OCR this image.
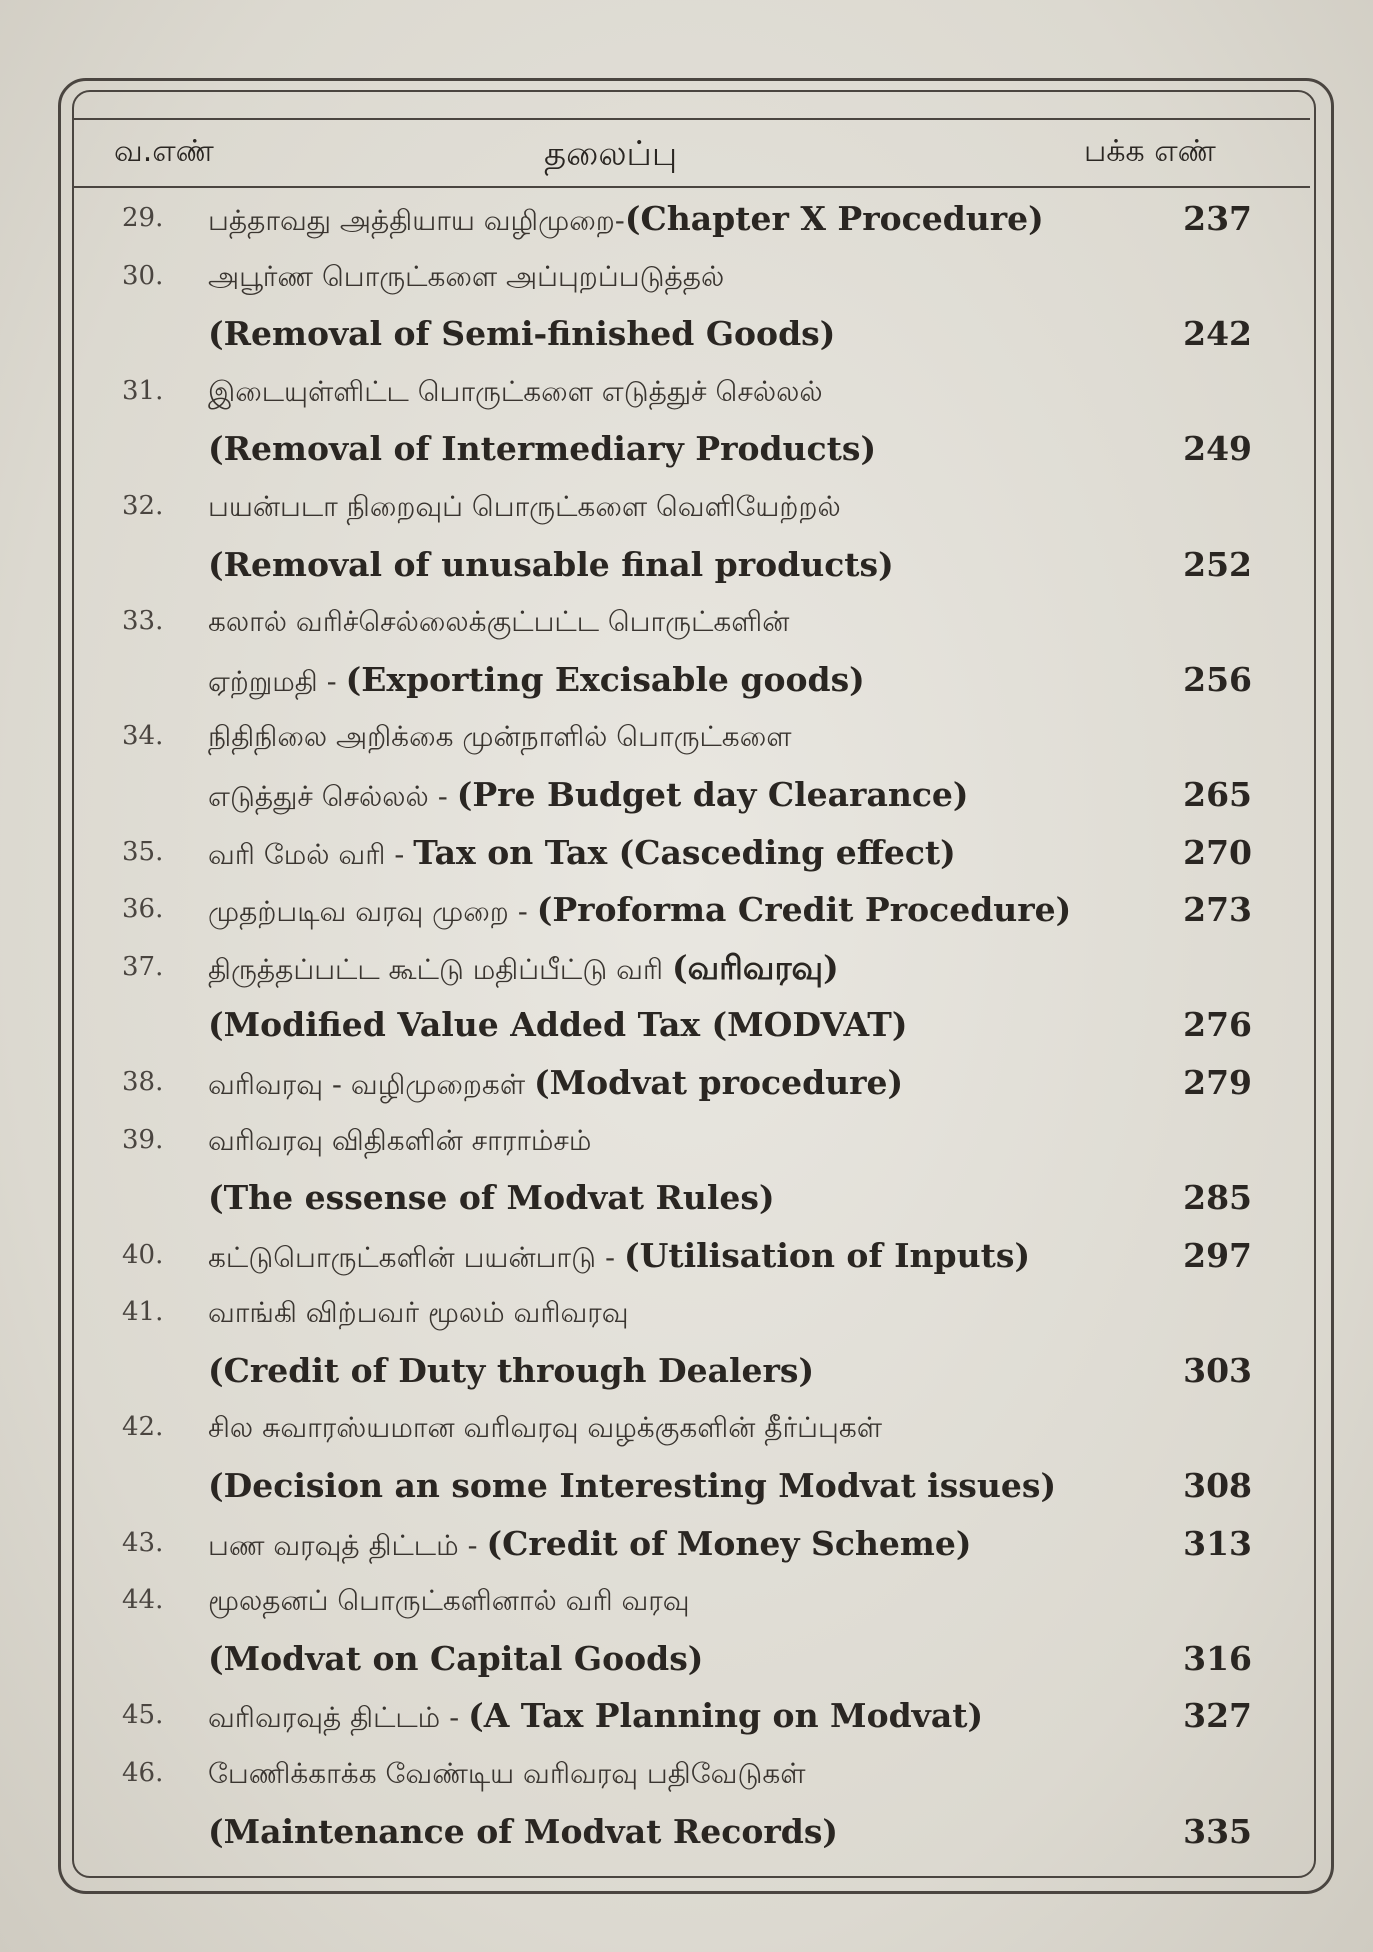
வ.எண்	தலைப்பு	பக்க எண்
29. பத்தாவது அத்தியாய வழிமுறை-(Chapter X Procedure)	237
30. அபூர்ண பொருட்களை அப்புறப்படுத்தல்
(Removal of Semi-finished Goods)	242
31. இடையுள்ளிட்ட பொருட்களை எடுத்துச் செல்லல்
(Removal of Intermediary Products)	249
32. பயன்படா நிறைவுப் பொருட்களை வெளியேற்றல்
(Removal of unusable final products)	252
33. கலால் வரிச்செல்லைக்குட்பட்ட பொருட்களின்
ஏற்றுமதி - (Exporting Excisable goods)	256
34. நிதிநிலை அறிக்கை முன்நாளில் பொருட்களை
எடுத்துச் செல்லல் - (Pre Budget day Clearance)	265
35. வரி மேல் வரி - Tax on Tax (Casceding effect)	270
36. முதற்படிவ வரவு முறை - (Proforma Credit Procedure)	273
37. திருத்தப்பட்ட கூட்டு மதிப்பீட்டு வரி (வரிவரவு)
(Modified Value Added Tax (MODVAT)	276
38. வரிவரவு - வழிமுறைகள் (Modvat procedure)	279
39. வரிவரவு விதிகளின் சாராம்சம்
(The essense of Modvat Rules)	285
40. கட்டுபொருட்களின் பயன்பாடு - (Utilisation of Inputs)	297
41. வாங்கி விற்பவர் மூலம் வரிவரவு
(Credit of Duty through Dealers)	303
42. சில சுவாரஸ்யமான வரிவரவு வழக்குகளின் தீர்ப்புகள்
(Decision an some Interesting Modvat issues)	308
43. பண வரவுத் திட்டம் - (Credit of Money Scheme)	313
44. மூலதனப் பொருட்களினால் வரி வரவு
(Modvat on Capital Goods)	316
45. வரிவரவுத் திட்டம் - (A Tax Planning on Modvat)	327
46. பேணிக்காக்க வேண்டிய வரிவரவு பதிவேடுகள்
(Maintenance of Modvat Records)	335
